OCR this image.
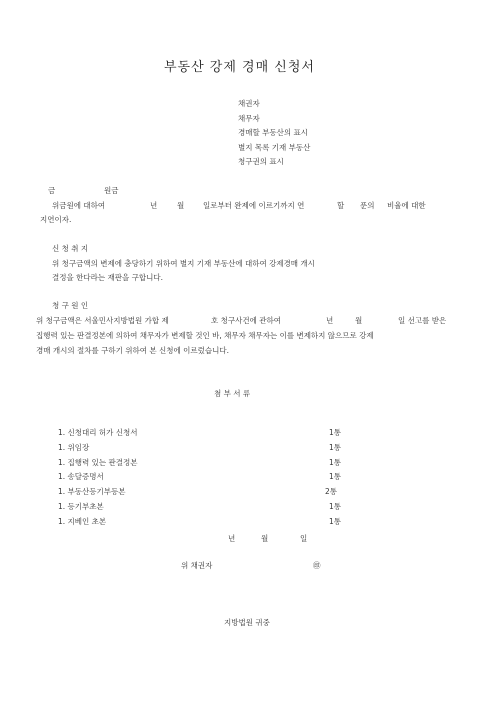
부동산 강제 경매 신청서
채권자
채무자
경매할 부동산의 표시
별지 목록 기재 부동산
청구권의 표시
금	원금
위금원에 대하여	년	월	일로부터 완제에 이르기까지 연	할 푼의 비율에 대한
지연이자.
신 청 취 지
위 청구금액의 변제에 충당하기 위하여 별지 기재 부동산에 대하여 강제경매 개시
결정을 한다라는 재판을 구합니다.
청 구 원 인
위 청구금액은 서울민사지방법원 가합 제	호 청구사건에 관하여	년	월	일 선고를 받은
집행력 있는 판결정본에 의하여 채무자가 변제할 것인 바, 채무자 채무자는 이를 변제하지 않으므로 강제
경매 개시의 절차를 구하기 위하여 본 신청에 이르렀습니다.
첨 부 서 류
1. 신청대리 허가 신청서	1통
1. 위임장	1통
1. 집행력 있는 판결정본	1통
1. 송달증명서	1통
1. 부동산등기부등본	2통
1. 등기부초본	1통
1. 지베인 초본	1통
년	월	일
위 채권자	㊞
지방법원 귀중
